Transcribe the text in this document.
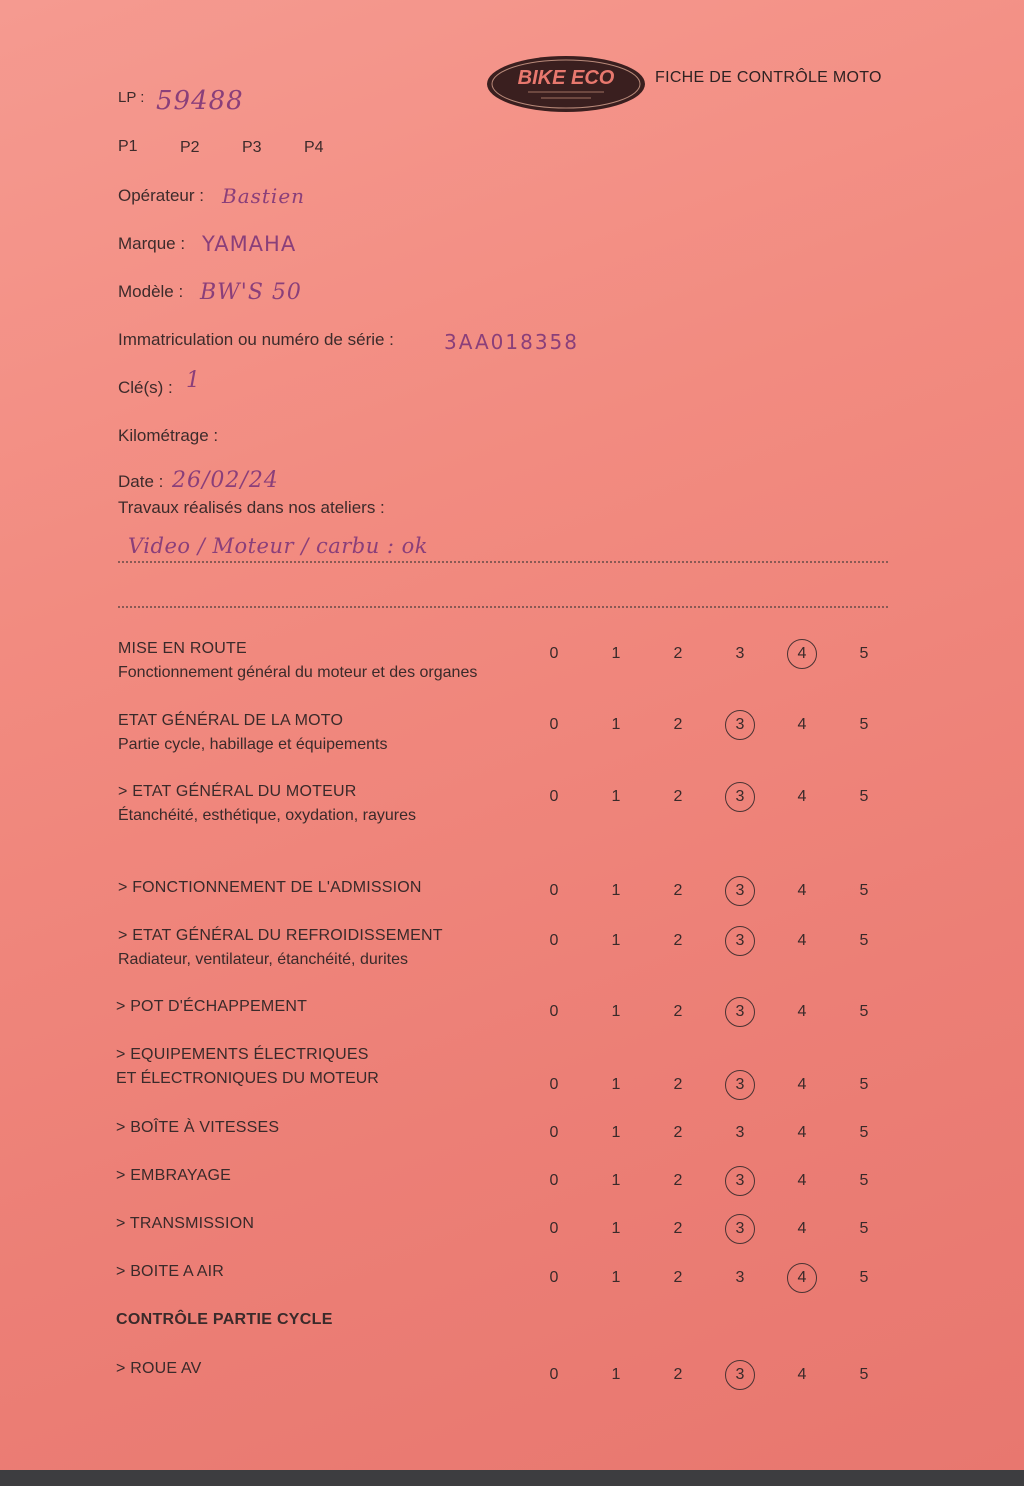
BIKE ECO	FICHE DE CONTRÔLE MOTO
LP : 59488
P1	P2	P3	P4
Opérateur : Bastien
Marque : YAMAHA
Modèle : BW'S 50
Immatriculation ou numéro de série :	3AA018358
Clé(s) : 1
Kilométrage :
Date : 26/02/24
Travaux réalisés dans nos ateliers :
Video / Moteur / carbu : ok
CONTRÔLE PARTIE CYCLE
MISE EN ROUTE
Fonctionnement général du moteur et des organes
0	1	2	3	4	5
ETAT GÉNÉRAL DE LA MOTO
Partie cycle, habillage et équipements
0	1	2	3	4	5
> ETAT GÉNÉRAL DU MOTEUR
Étanchéité, esthétique, oxydation, rayures
0	1	2	3	4	5
> FONCTIONNEMENT DE L'ADMISSION	0	1	2	3	4	5
> ETAT GÉNÉRAL DU REFROIDISSEMENT
Radiateur, ventilateur, étanchéité, durites
0	1	2	3	4	5
> POT D'ÉCHAPPEMENT	0	1	2	3	4	5
> EQUIPEMENTS ÉLECTRIQUES
ET ÉLECTRONIQUES DU MOTEUR	0	1	2	3	4	5
> BOÎTE À VITESSES	0	1	2	3	4	5
> EMBRAYAGE	0	1	2	3	4	5
> TRANSMISSION	0	1	2	3	4	5
> BOITE A AIR	0	1	2	3	4	5
> ROUE AV	0	1	2	3	4	5
